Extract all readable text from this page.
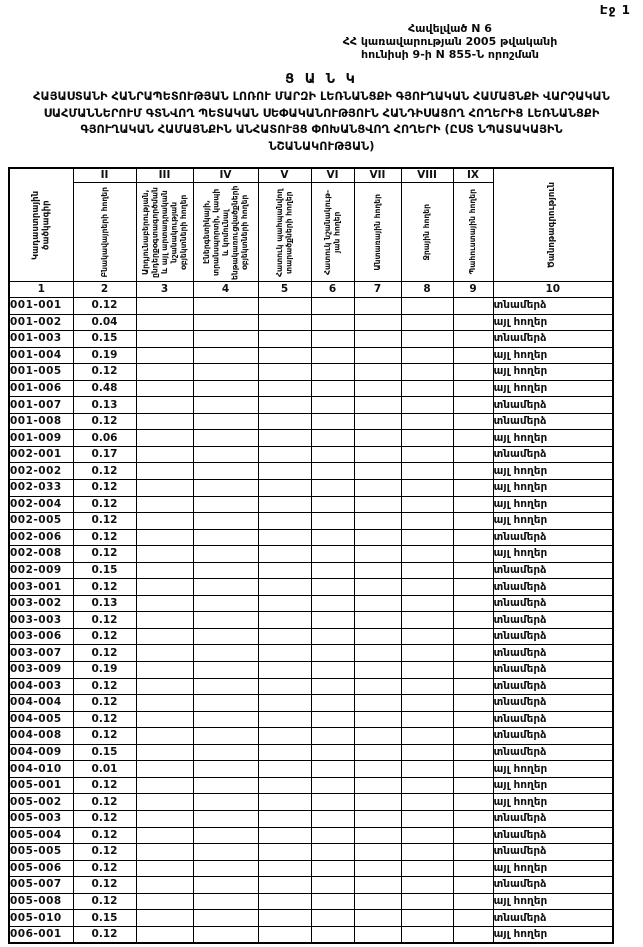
Էջ 1
Հավելված N 6
ՀՀ կառավարության 2005 թվականի
հունիսի 9-ի N 855-Ն որոշման
Ց Ա Ն Կ
ՀԱՅԱՍՏԱՆԻ ՀԱՆՐԱՊԵՏՈՒԹՅԱՆ ԼՈՌՈՒ ՄԱՐԶԻ ԼԵՌՆԱՆՑՔԻ ԳՅՈՒՂԱԿԱՆ ՀԱՄԱՅՆՔԻ ՎԱՐՉԱԿԱՆ
ՍԱՀՄԱՆՆԵՐՈՒՄ ԳՏՆՎՈՂ ՊԵՏԱԿԱՆ ՍԵՓԱԿԱՆՈՒԹՅՈՒՆ ՀԱՆԴԻՍԱՑՈՂ ՀՈՂԵՐԻՑ ԼԵՌՆԱՆՑՔԻ
ԳՅՈՒՂԱԿԱՆ ՀԱՄԱՅՆՔԻՆ ԱՆՀԱՏՈՒՅՑ ՓՈԽԱՆՑՎՈՂ ՀՈՂԵՐԻ (ԸՍՏ ՆՊԱՏԱԿԱՅԻՆ
ՆՇԱՆԱԿՈՒԹՅԱՆ)
Կադաստրային ծածկագիր	II	III	IV	V	VI	VII	VIII	IX	Ծանոթագրություն

	Բնակավայրերի հողեր	Արդյունաբերության, ընդերքօգտագործման և այլ արտադրական նշանակության օբյեկտների հողեր	Էներգետիկայի, տրանսպորտի, կապի և կոմունալ ենթակառուցվածքների օբյեկտների հողեր	Հատուկ պահպանվող տարածքների հողեր	Հատուկ նշանակութ-յան հողեր	Անտառային հողեր	Ջրային հողեր	Պահուստային հողեր	

1	2	3	4	5	6	7	8	9	10
001-001	0.12								տնամերձ
001-002	0.04								այլ հողեր
001-003	0.15								տնամերձ
001-004	0.19								այլ հողեր
001-005	0.12								այլ հողեր
001-006	0.48								այլ հողեր
001-007	0.13								տնամերձ
001-008	0.12								տնամերձ
001-009	0.06								այլ հողեր
002-001	0.17								տնամերձ
002-002	0.12								այլ հողեր
002-033	0.12								այլ հողեր
002-004	0.12								այլ հողեր
002-005	0.12								այլ հողեր
002-006	0.12								տնամերձ
002-008	0.12								այլ հողեր
002-009	0.15								տնամերձ
003-001	0.12								տնամերձ
003-002	0.13								տնամերձ
003-003	0.12								տնամերձ
003-006	0.12								տնամերձ
003-007	0.12								տնամերձ
003-009	0.19								տնամերձ
004-003	0.12								տնամերձ
004-004	0.12								տնամերձ
004-005	0.12								տնամերձ
004-008	0.12								տնամերձ
004-009	0.15								տնամերձ
004-010	0.01								այլ հողեր
005-001	0.12								այլ հողեր
005-002	0.12								այլ հողեր
005-003	0.12								տնամերձ
005-004	0.12								տնամերձ
005-005	0.12								տնամերձ
005-006	0.12								այլ հողեր
005-007	0.12								տնամերձ
005-008	0.12								այլ հողեր
005-010	0.15								տնամերձ
006-001	0.12								այլ հողեր
